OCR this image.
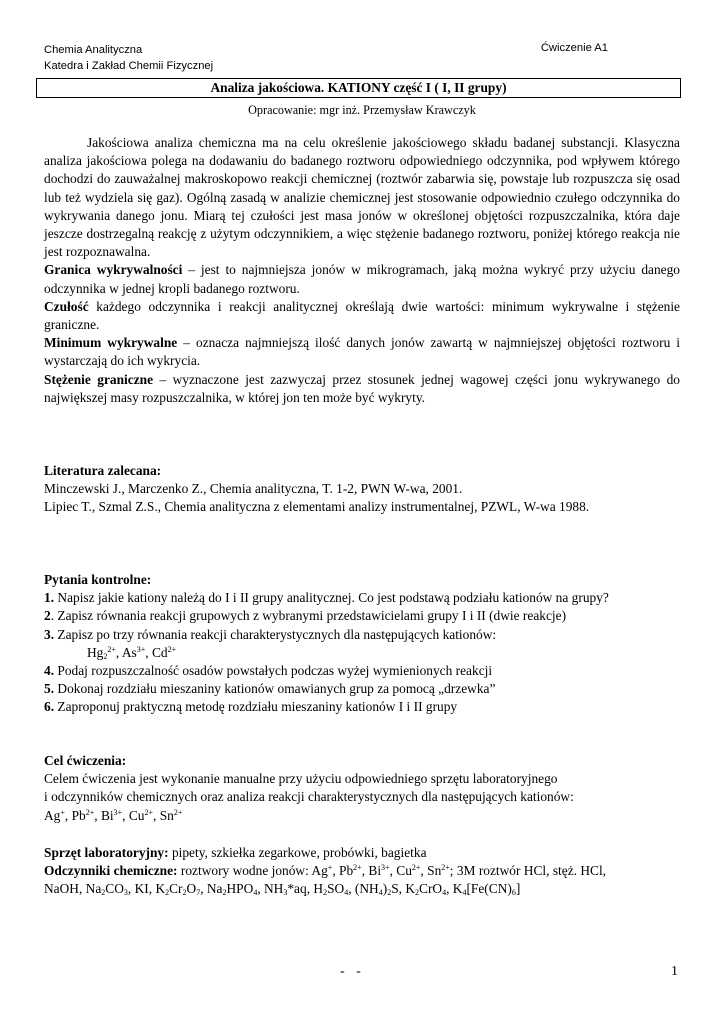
Chemia Analityczna
Katedra i Zakład Chemii Fizycznej
Ćwiczenie A1
Analiza jakościowa. KATIONY część I ( I, II grupy)
Opracowanie: mgr inż. Przemysław Krawczyk

Jakościowa analiza chemiczna ma na celu określenie jakościowego składu badanej substancji. Klasyczna analiza jakościowa polega na dodawaniu do badanego roztworu odpowiedniego odczynnika, pod wpływem którego dochodzi do zauważalnej makroskopowo reakcji chemicznej (roztwór zabarwia się, powstaje lub rozpuszcza się osad lub też wydziela się gaz). Ogólną zasadą w analizie chemicznej jest stosowanie odpowiednio czułego odczynnika do wykrywania danego jonu. Miarą tej czułości jest masa jonów w określonej objętości rozpuszczalnika, która daje jeszcze dostrzegalną reakcję z użytym odczynnikiem, a więc stężenie badanego roztworu, poniżej którego reakcja nie jest rozpoznawalna.

Granica wykrywalności – jest to najmniejsza jonów w mikrogramach, jaką można wykryć przy użyciu danego odczynnika w jednej kropli badanego roztworu.

Czułość każdego odczynnika i reakcji analitycznej określają dwie wartości: minimum wykrywalne i stężenie graniczne.

Minimum wykrywalne – oznacza najmniejszą ilość danych jonów zawartą w najmniejszej objętości roztworu i wystarczają do ich wykrycia.

Stężenie graniczne – wyznaczone jest zazwyczaj przez stosunek jednej wagowej części jonu wykrywanego do największej masy rozpuszczalnika, w której jon ten może być wykryty.

Literatura zalecana:

Minczewski J., Marczenko Z., Chemia analityczna, T. 1-2, PWN W-wa, 2001.

Lipiec T., Szmal Z.S., Chemia analityczna z elementami analizy instrumentalnej, PZWL, W-wa 1988.

Pytania kontrolne:

1. Napisz jakie kationy należą do I i II grupy analitycznej. Co jest podstawą podziału kationów na grupy?

2. Zapisz równania reakcji grupowych z wybranymi przedstawicielami grupy I i II (dwie reakcje)

3. Zapisz po trzy równania reakcji charakterystycznych dla następujących kationów:

$Hg_2^{2+}$, $As^{3+}$, $Cd^{2+}$

4. Podaj rozpuszczalność osadów powstałych podczas wyżej wymienionych reakcji

5. Dokonaj rozdziału mieszaniny kationów omawianych grup za pomocą „drzewka”

6. Zaproponuj praktyczną metodę rozdziału mieszaniny kationów I i II grupy

Cel ćwiczenia:

Celem ćwiczenia jest wykonanie manualne przy użyciu odpowiedniego sprzętu laboratoryjnego

i odczynników chemicznych oraz analiza reakcji charakterystycznych dla następujących kationów:

Ag+, $Pb^{2+}$, $Bi^{3+}$, $Cu^{2+}$, $Sn^{2+}$

Sprzęt laboratoryjny: pipety, szkiełka zegarkowe, probówki, bagietka

Odczynniki chemiczne: roztwory wodne jonów: Ag+, $Pb^{2+}$, $Bi^{3+}$, $Cu^{2+}$, $Sn^{2+}$; 3M roztwór HCl, stęż. HCl,

NaOH, $Na_2CO_3$, KI, $K_2Cr_2O_7$, $Na_2HPO_4$, $NH_3*aq$, $H_2SO_4$, $(NH_4)_2S$, $K_2CrO_4$, $K_4[Fe(CN)_6]$

- -	1
